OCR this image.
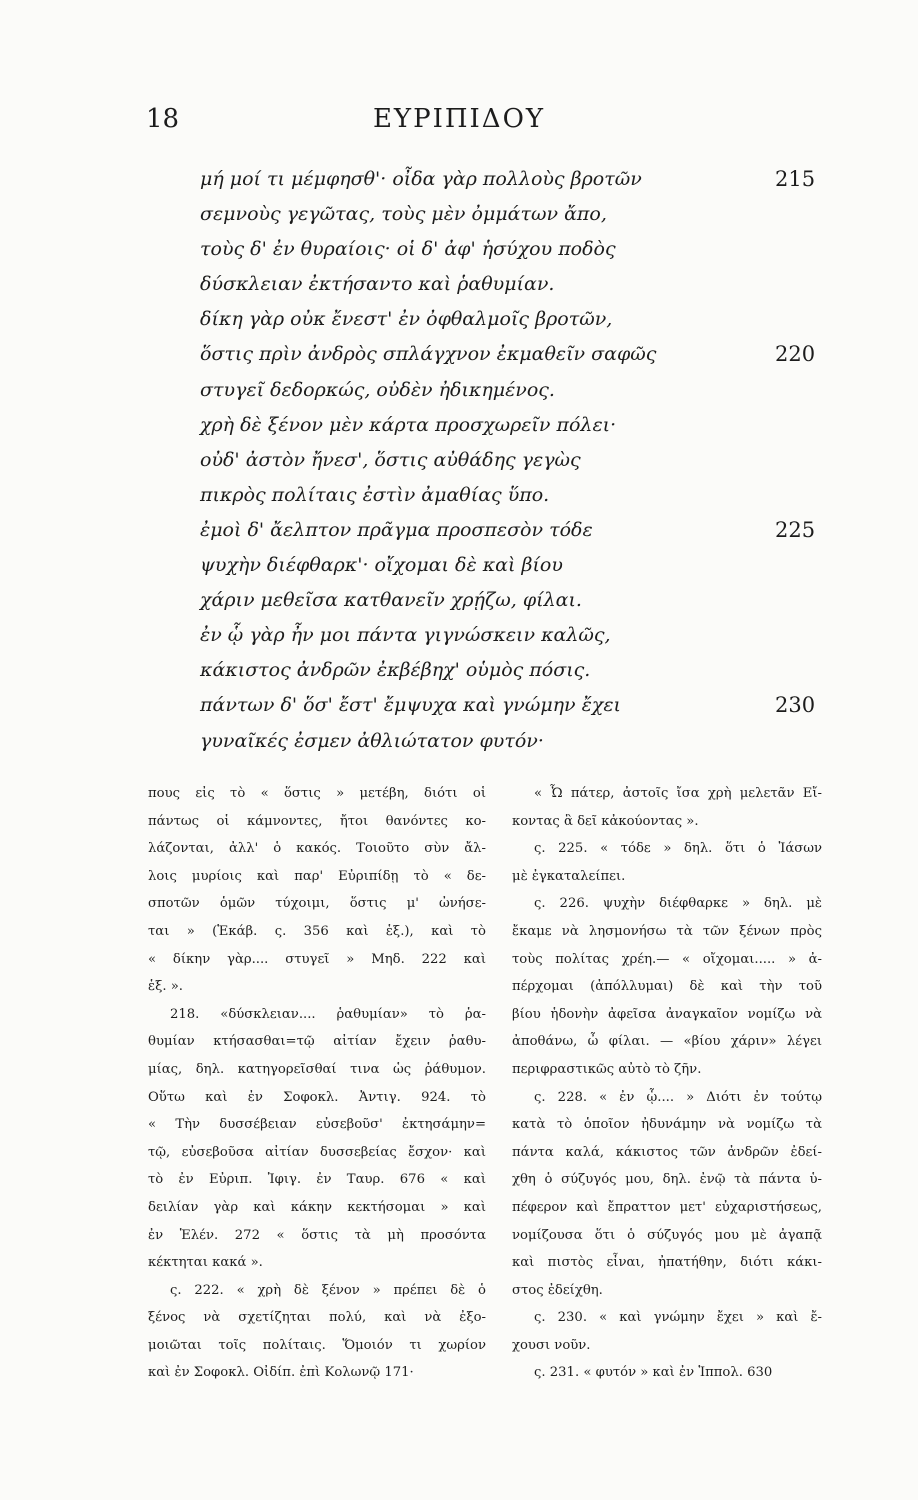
18	ΕΥΡΙΠΙΔΟΥ
μή μοί τι μέμφησθ'· οἶδα γὰρ πολλοὺς βροτῶν	215
σεμνοὺς γεγῶτας, τοὺς μὲν ὀμμάτων ἄπο,
τοὺς δ' ἐν θυραίοις· οἱ δ' ἀφ' ἡσύχου ποδὸς
δύσκλειαν ἐκτήσαντο καὶ ῥαθυμίαν.
δίκη γὰρ οὐκ ἔνεστ' ἐν ὀφθαλμοῖς βροτῶν,
ὅστις πρὶν ἀνδρὸς σπλάγχνον ἐκμαθεῖν σαφῶς	220
στυγεῖ δεδορκώς, οὐδὲν ἠδικημένος.
χρὴ δὲ ξένον μὲν κάρτα προσχωρεῖν πόλει·
οὐδ' ἀστὸν ἤνεσ', ὅστις αὐθάδης γεγὼς
πικρὸς πολίταις ἐστὶν ἀμαθίας ὕπο.
ἐμοὶ δ' ἄελπτον πρᾶγμα προσπεσὸν τόδε	225
ψυχὴν διέφθαρκ'· οἴχομαι δὲ καὶ βίου
χάριν μεθεῖσα κατθανεῖν χρῄζω, φίλαι.
ἐν ᾧ γὰρ ἦν μοι πάντα γιγνώσκειν καλῶς,
κάκιστος ἀνδρῶν ἐκβέβηχ' οὑμὸς πόσις.
πάντων δ' ὅσ' ἔστ' ἔμψυχα καὶ γνώμην ἔχει	230
γυναῖκές ἐσμεν ἀθλιώτατον φυτόν·
πους εἰς τὸ « ὅστις » μετέβη, διότι οἱ
πάντως οἱ κάμνοντες, ἤτοι θανόντες κο-
λάζονται, ἀλλ' ὁ κακός. Τοιοῦτο σὺν ἄλ-
λοις μυρίοις καὶ παρ' Εὐριπίδῃ τὸ « δε-
σποτῶν ὁμῶν τύχοιμι, ὅστις μ' ὠνήσε-
ται » (Ἑκάβ. ς. 356 καὶ ἑξ.), καὶ τὸ
« δίκην γὰρ.... στυγεῖ » Μηδ. 222 καὶ
ἑξ. ».
218. «δύσκλειαν.... ῥαθυμίαν» τὸ ῥα-
θυμίαν κτήσασθαι=τῷ αἰτίαν ἔχειν ῥαθυ-
μίας, δηλ. κατηγορεῖσθαί τινα ὡς ῥάθυμον.
Οὕτω καὶ ἐν Σοφοκλ. Ἀντιγ. 924. τὸ
« Τὴν δυσσέβειαν εὐσεβοῦσ' ἐκτησάμην=
τῷ, εὐσεβοῦσα αἰτίαν δυσσεβείας ἔσχον· καὶ
τὸ ἐν Εὐριπ. Ἰφιγ. ἐν Ταυρ. 676 « καὶ
δειλίαν γὰρ καὶ κάκην κεκτήσομαι » καὶ
ἐν Ἑλέν. 272 « ὅστις τὰ μὴ προσόντα
κέκτηται κακά ».
ς. 222. « χρὴ δὲ ξένον » πρέπει δὲ ὁ
ξένος νὰ σχετίζηται πολύ, καὶ νὰ ἐξο-
μοιῶται τοῖς πολίταις. Ὅμοιόν τι χωρίον
καὶ ἐν Σοφοκλ. Οἰδίπ. ἐπὶ Κολωνῷ 171·
« Ὦ πάτερ, ἀστοῖς ἴσα χρὴ μελετᾶν Εἴ-
κοντας ἃ δεῖ κἀκούοντας ».
ς. 225. « τόδε » δηλ. ὅτι ὁ Ἰάσων
μὲ ἐγκαταλείπει.
ς. 226. ψυχὴν διέφθαρκε » δηλ. μὲ
ἔκαμε νὰ λησμονήσω τὰ τῶν ξένων πρὸς
τοὺς πολίτας χρέη.— « οἴχομαι..... » ἀ-
πέρχομαι (ἀπόλλυμαι) δὲ καὶ τὴν τοῦ
βίου ἡδονὴν ἀφεῖσα ἀναγκαῖον νομίζω νὰ
ἀποθάνω, ὦ φίλαι. — «βίου χάριν» λέγει
περιφραστικῶς αὐτὸ τὸ ζῆν.
ς. 228. « ἐν ᾧ.... » Διότι ἐν τούτῳ
κατὰ τὸ ὁποῖον ἠδυνάμην νὰ νομίζω τὰ
πάντα καλά, κάκιστος τῶν ἀνδρῶν ἐδεί-
χθη ὁ σύζυγός μου, δηλ. ἐνῷ τὰ πάντα ὑ-
πέφερον καὶ ἔπραττον μετ' εὐχαριστήσεως,
νομίζουσα ὅτι ὁ σύζυγός μου μὲ ἀγαπᾷ
καὶ πιστὸς εἶναι, ἠπατήθην, διότι κάκι-
στος ἐδείχθη.
ς. 230. « καὶ γνώμην ἔχει » καὶ ἔ-
χουσι νοῦν.
ς. 231. « φυτόν » καὶ ἐν Ἱππολ. 630
